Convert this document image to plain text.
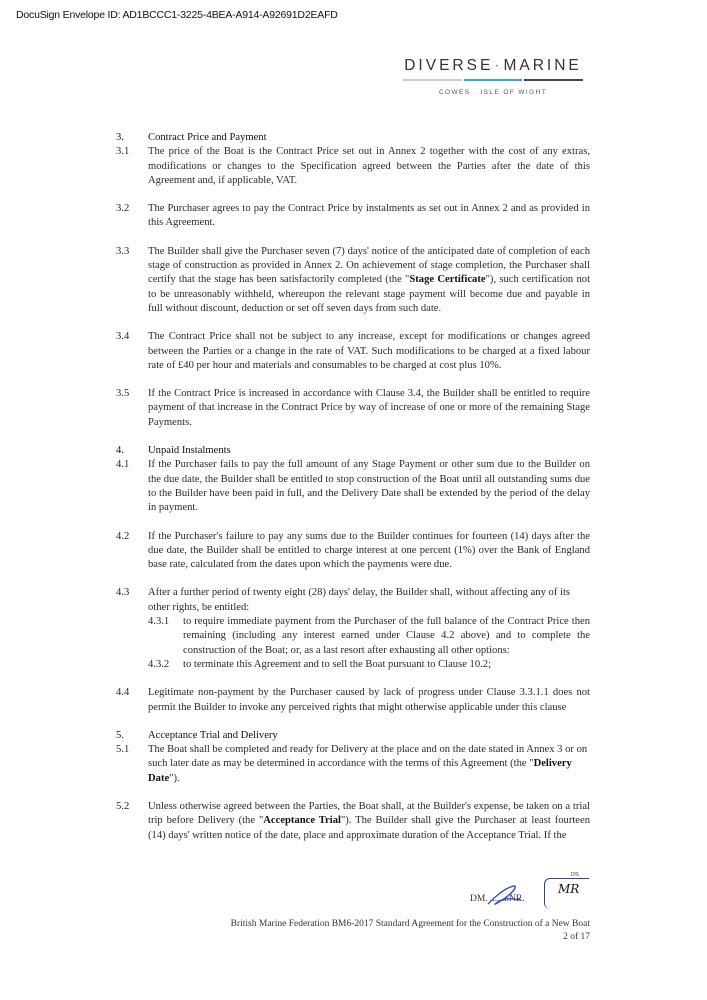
DocuSign Envelope ID: AD1BCCC1-3225-4BEA-A914-A92691D2EAFD
DIVERSE·MARINE
COWES · ISLE OF WIGHT
3.	Contract Price and Payment
3.1	The price of the Boat is the Contract Price set out in Annex 2 together with the cost of any extras, modifications or changes to the Specification agreed between the Parties after the date of this Agreement and, if applicable, VAT.
3.2	The Purchaser agrees to pay the Contract Price by instalments as set out in Annex 2 and as provided in this Agreement.
3.3	The Builder shall give the Purchaser seven (7) days' notice of the anticipated date of completion of each stage of construction as provided in Annex 2. On achievement of stage completion, the Purchaser shall certify that the stage has been satisfactorily completed (the "Stage Certificate"), such certification not to be unreasonably withheld, whereupon the relevant stage payment will become due and payable in full without discount, deduction or set off seven days from such date.
3.4	The Contract Price shall not be subject to any increase, except for modifications or changes agreed between the Parties or a change in the rate of VAT. Such modifications to be charged at a fixed labour rate of £40 per hour and materials and consumables to be charged at cost plus 10%.
3.5	If the Contract Price is increased in accordance with Clause 3.4, the Builder shall be entitled to require payment of that increase in the Contract Price by way of increase of one or more of the remaining Stage Payments.
4.	Unpaid Instalments
4.1	If the Purchaser fails to pay the full amount of any Stage Payment or other sum due to the Builder on the due date, the Builder shall be entitled to stop construction of the Boat until all outstanding sums due to the Builder have been paid in full, and the Delivery Date shall be extended by the period of the delay in payment.
4.2	If the Purchaser's failure to pay any sums due to the Builder continues for fourteen (14) days after the due date, the Builder shall be entitled to charge interest at one percent (1%) over the Bank of England base rate, calculated from the dates upon which the payments were due.
4.3	After a further period of twenty eight (28) days' delay, the Builder shall, without affecting any of its other rights, be entitled:
4.3.1	to require immediate payment from the Purchaser of the full balance of the Contract Price then remaining (including any interest earned under Clause 4.2 above) and to complete the construction of the Boat; or, as a last resort after exhausting all other options:
4.3.2	to terminate this Agreement and to sell the Boat pursuant to Clause 10.2;
4.4	Legitimate non-payment by the Purchaser caused by lack of progress under Clause 3.3.1.1 does not permit the Builder to invoke any perceived rights that might otherwise applicable under this clause
5.	Acceptance Trial and Delivery
5.1	The Boat shall be completed and ready for Delivery at the place and on the date stated in Annex 3 or on such later date as may be determined in accordance with the terms of this Agreement (the "Delivery Date").
5.2	Unless otherwise agreed between the Parties, the Boat shall, at the Builder's expense, be taken on a trial trip before Delivery (the "Acceptance Trial"). The Builder shall give the Purchaser at least fourteen (14) days' written notice of the date, place and approximate duration of the Acceptance Trial. If the
DM. ........NR.
DS
MR
British Marine Federation BM6-2017 Standard Agreement for the Construction of a New Boat
2 of 17
